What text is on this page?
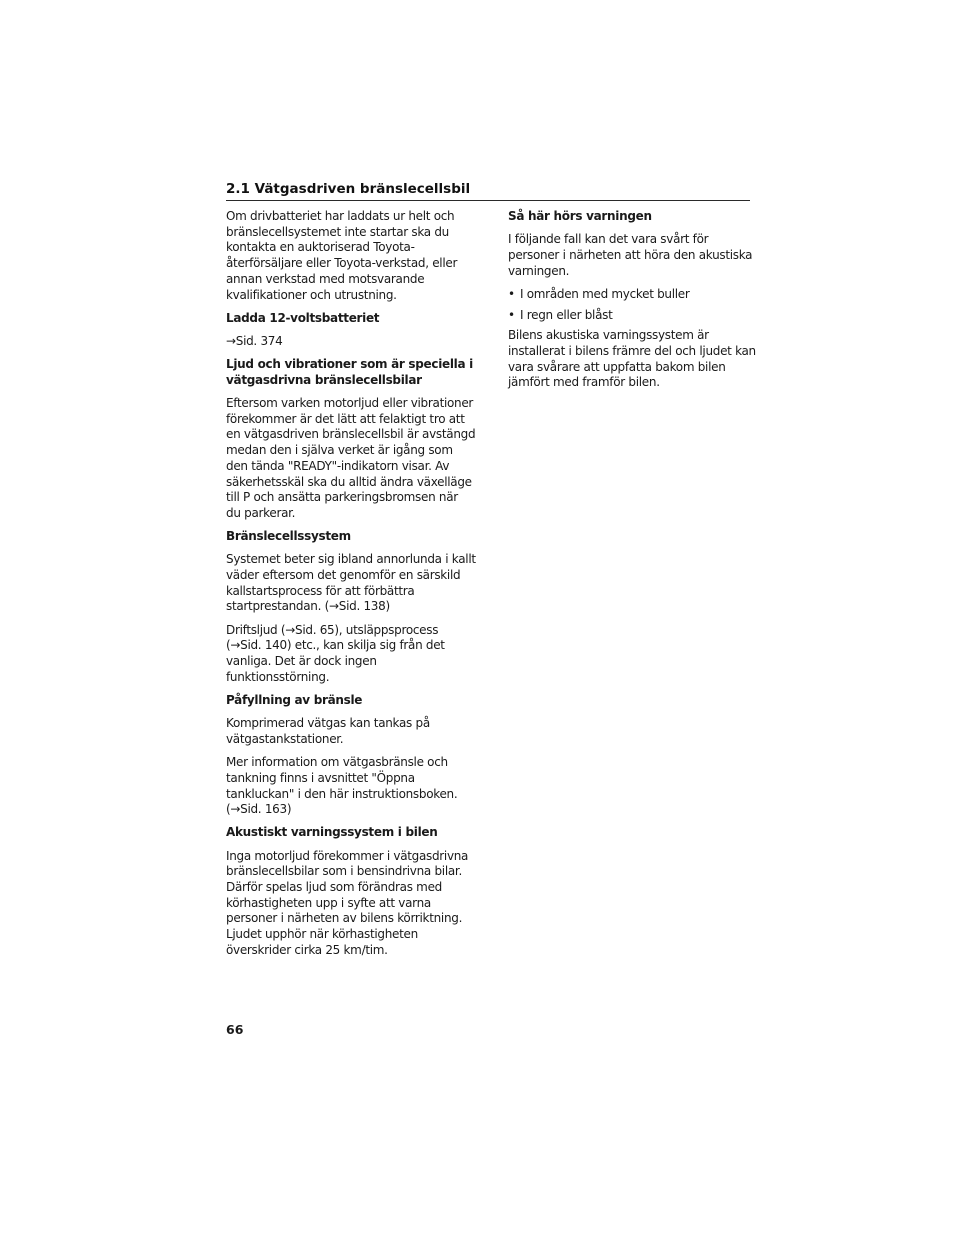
2.1 Vätgasdriven bränslecellsbil

Om drivbatteriet har laddats ur helt och bränslecellsystemet inte startar ska du kontakta en auktoriserad Toyota-återförsäljare eller Toyota-verkstad, eller annan verkstad med motsvarande kvalifikationer och utrustning.

Ladda 12-voltsbatteriet

→Sid. 374

Ljud och vibrationer som är speciella i vätgasdrivna bränslecellsbilar

Eftersom varken motorljud eller vibrationer förekommer är det lätt att felaktigt tro att en vätgasdriven bränslecellsbil är avstängd medan den i själva verket är igång som den tända "READY"-indikatorn visar. Av säkerhetsskäl ska du alltid ändra växelläge till P och ansätta parkeringsbromsen när du parkerar.

Bränslecellssystem

Systemet beter sig ibland annorlunda i kallt väder eftersom det genomför en särskild kallstartsprocess för att förbättra startprestandan. (→Sid. 138)

Driftsljud (→Sid. 65), utsläppsprocess (→Sid. 140) etc., kan skilja sig från det vanliga. Det är dock ingen funktionsstörning.

Påfyllning av bränsle

Komprimerad vätgas kan tankas på vätgastankstationer.

Mer information om vätgasbränsle och tankning finns i avsnittet "Öppna tankluckan" i den här instruktionsboken. (→Sid. 163)

Akustiskt varningssystem i bilen

Inga motorljud förekommer i vätgasdrivna bränslecellsbilar som i bensindrivna bilar. Därför spelas ljud som förändras med körhastigheten upp i syfte att varna personer i närheten av bilens körriktning. Ljudet upphör när körhastigheten överskrider cirka 25 km/tim.

Så här hörs varningen

I följande fall kan det vara svårt för personer i närheten att höra den akustiska varningen.

• I områden med mycket buller
• I regn eller blåst

Bilens akustiska varningssystem är installerat i bilens främre del och ljudet kan vara svårare att uppfatta bakom bilen jämfört med framför bilen.

66
